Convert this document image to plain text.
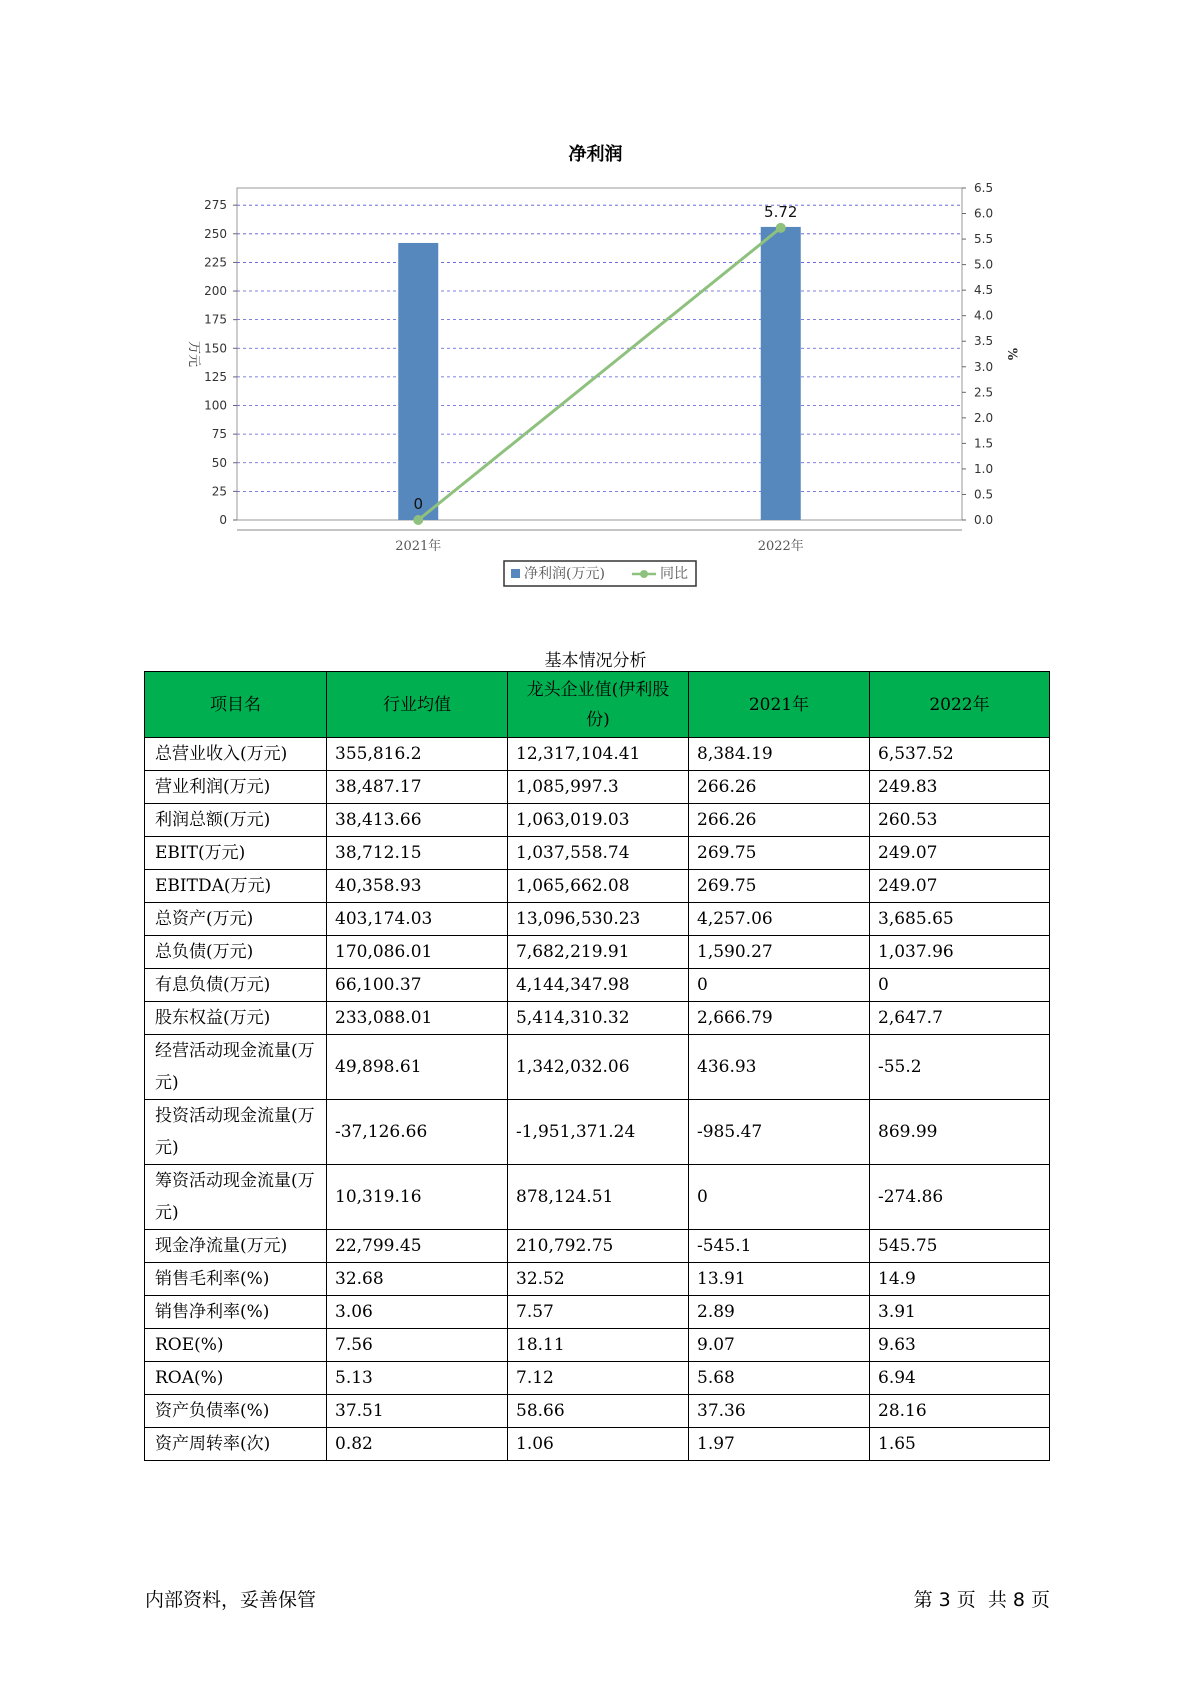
净利润
0
25
50
75
100
125
150
175
200
225
250
275
0.0
0.5
1.0
1.5
2.0
2.5
3.0
3.5
4.0
4.5
5.0
5.5
6.0
6.5
万元	%
2021年	2022年
0
5.72
净利润(万元)	同比
基本情况分析
项目名	行业均值	龙头企业值(伊利股份)	2021年	2022年
总营业收入(万元)	355,816.2	12,317,104.41	8,384.19	6,537.52
营业利润(万元)	38,487.17	1,085,997.3	266.26	249.83
利润总额(万元)	38,413.66	1,063,019.03	266.26	260.53
EBIT(万元)	38,712.15	1,037,558.74	269.75	249.07
EBITDA(万元)	40,358.93	1,065,662.08	269.75	249.07
总资产(万元)	403,174.03	13,096,530.23	4,257.06	3,685.65
总负债(万元)	170,086.01	7,682,219.91	1,590.27	1,037.96
有息负债(万元)	66,100.37	4,144,347.98	0	0
股东权益(万元)	233,088.01	5,414,310.32	2,666.79	2,647.7
经营活动现金流量(万元)	49,898.61	1,342,032.06	436.93	-55.2
投资活动现金流量(万元)	-37,126.66	-1,951,371.24	-985.47	869.99
筹资活动现金流量(万元)	10,319.16	878,124.51	0	-274.86
现金净流量(万元)	22,799.45	210,792.75	-545.1	545.75
销售毛利率(%)	32.68	32.52	13.91	14.9
销售净利率(%)	3.06	7.57	2.89	3.91
ROE(%)	7.56	18.11	9.07	9.63
ROA(%)	5.13	7.12	5.68	6.94
资产负债率(%)	37.51	58.66	37.36	28.16
资产周转率(次)	0.82	1.06	1.97	1.65
内部资料，妥善保管	第 3 页  共 8 页
